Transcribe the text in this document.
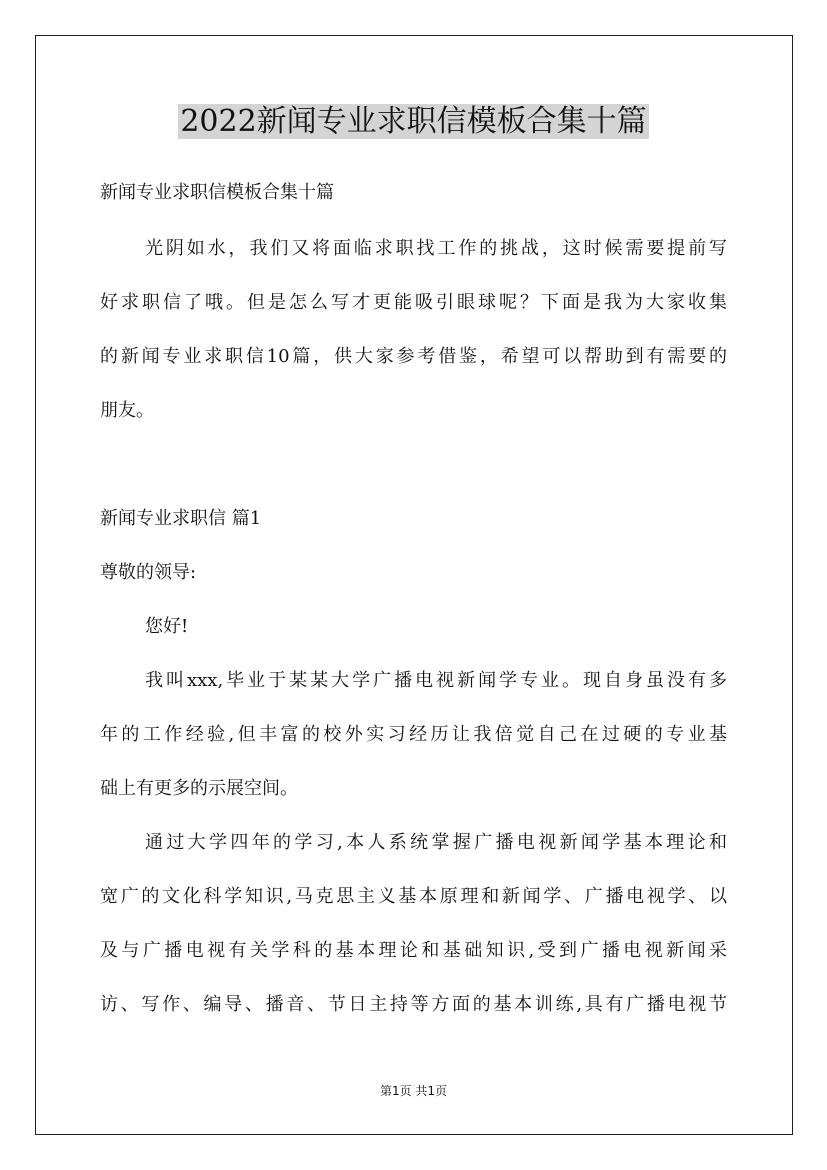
2022新闻专业求职信模板合集十篇

新闻专业求职信模板合集十篇

光阴如水，我们又将面临求职找工作的挑战，这时候需要提前写

好求职信了哦。但是怎么写才更能吸引眼球呢？下面是我为大家收集

的新闻专业求职信10篇，供大家参考借鉴，希望可以帮助到有需要的

朋友。

新闻专业求职信 篇1

尊敬的领导:

您好!

我叫xxx,毕业于某某大学广播电视新闻学专业。现自身虽没有多

年的工作经验,但丰富的校外实习经历让我倍觉自己在过硬的专业基

础上有更多的示展空间。

通过大学四年的学习,本人系统掌握广播电视新闻学基本理论和

宽广的文化科学知识,马克思主义基本原理和新闻学、广播电视学、以

及与广播电视有关学科的基本理论和基础知识,受到广播电视新闻采

访、写作、编导、播音、节日主持等方面的基本训练,具有广播电视节

第1页 共1页
